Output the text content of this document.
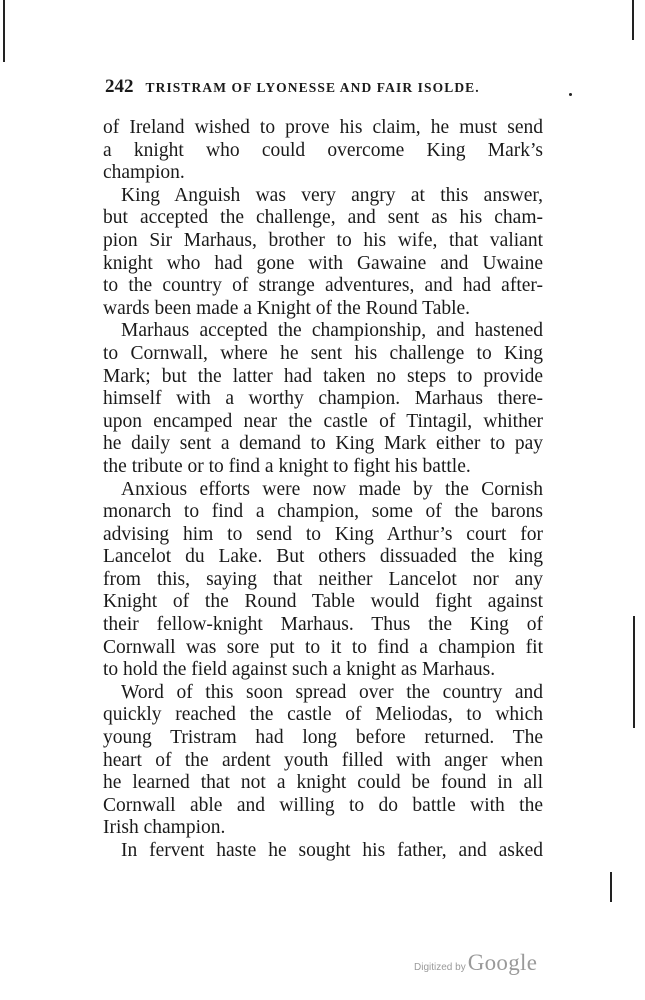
242 TRISTRAM OF LYONESSE AND FAIR ISOLDE.
of Ireland wished to prove his claim, he must send
a knight who could overcome King Mark’s
champion.
King Anguish was very angry at this answer,
but accepted the challenge, and sent as his cham-
pion Sir Marhaus, brother to his wife, that valiant
knight who had gone with Gawaine and Uwaine
to the country of strange adventures, and had after-
wards been made a Knight of the Round Table.
Marhaus accepted the championship, and hastened
to Cornwall, where he sent his challenge to King
Mark; but the latter had taken no steps to provide
himself with a worthy champion. Marhaus there-
upon encamped near the castle of Tintagil, whither
he daily sent a demand to King Mark either to pay
the tribute or to find a knight to fight his battle.
Anxious efforts were now made by the Cornish
monarch to find a champion, some of the barons
advising him to send to King Arthur’s court for
Lancelot du Lake. But others dissuaded the king
from this, saying that neither Lancelot nor any
Knight of the Round Table would fight against
their fellow-knight Marhaus. Thus the King of
Cornwall was sore put to it to find a champion fit
to hold the field against such a knight as Marhaus.
Word of this soon spread over the country and
quickly reached the castle of Meliodas, to which
young Tristram had long before returned. The
heart of the ardent youth filled with anger when
he learned that not a knight could be found in all
Cornwall able and willing to do battle with the
Irish champion.
In fervent haste he sought his father, and asked
Digitized by Google
